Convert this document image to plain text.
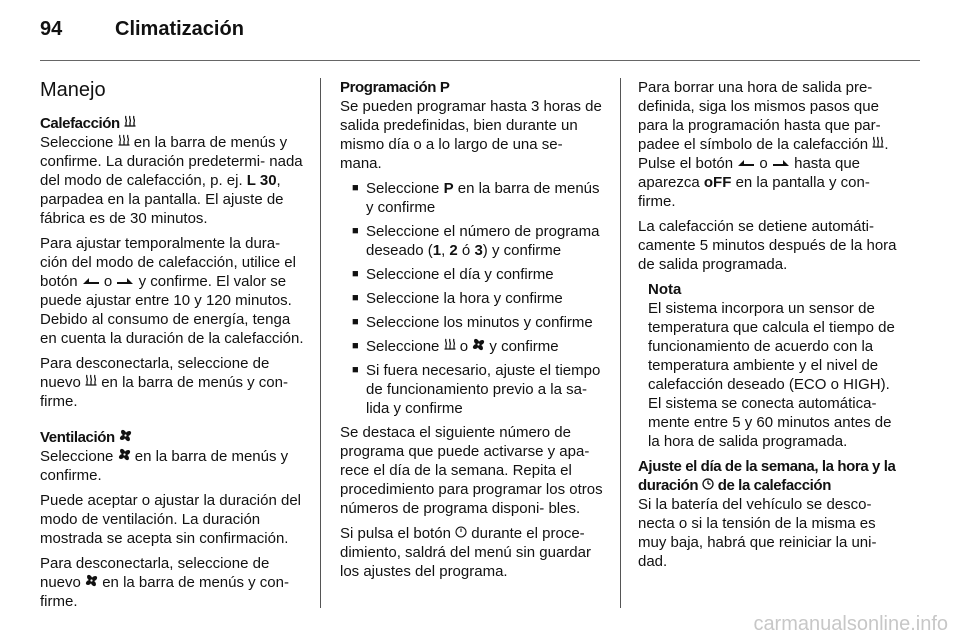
94	Climatización
Manejo
Calefacción

Seleccione en la barra de menús y confirme. La duración predetermi- nada del modo de calefacción, p. ej. L 30, parpadea en la pantalla. El ajuste de fábrica es de 30 minutos.

Para ajustar temporalmente la dura- ción del modo de calefacción, utilice el botón o y confirme. El valor se puede ajustar entre 10 y 120 minutos. Debido al consumo de energía, tenga en cuenta la duración de la calefacción.

Para desconectarla, seleccione de nuevo en la barra de menús y con- firme.

Ventilación

Seleccione en la barra de menús y confirme.

Puede aceptar o ajustar la duración del modo de ventilación. La duración mostrada se acepta sin confirmación.

Para desconectarla, seleccione de nuevo en la barra de menús y con- firme.

Programación P

Se pueden programar hasta 3 horas de salida predefinidas, bien durante un mismo día o a lo largo de una se- mana.

■ Seleccione P en la barra de menús y confirme
■ Seleccione el número de programa deseado (1, 2 ó 3) y confirme
■ Seleccione el día y confirme
■ Seleccione la hora y confirme
■ Seleccione los minutos y confirme
■ Seleccione o y confirme
■ Si fuera necesario, ajuste el tiempo de funcionamiento previo a la sa- lida y confirme

Se destaca el siguiente número de programa que puede activarse y apa- rece el día de la semana. Repita el procedimiento para programar los otros números de programa disponi- bles.

Si pulsa el botón durante el proce- dimiento, saldrá del menú sin guardar los ajustes del programa.

Para borrar una hora de salida pre- definida, siga los mismos pasos que para la programación hasta que par- padee el símbolo de la calefacción . Pulse el botón o hasta que aparezca oFF en la pantalla y con- firme.

La calefacción se detiene automáti- camente 5 minutos después de la hora de salida programada.

Nota
El sistema incorpora un sensor de temperatura que calcula el tiempo de funcionamiento de acuerdo con la temperatura ambiente y el nivel de calefacción deseado (ECO o HIGH). El sistema se conecta automática- mente entre 5 y 60 minutos antes de la hora de salida programada.
Ajuste el día de la semana, la hora y la duración de la calefacción

Si la batería del vehículo se desco- necta o si la tensión de la misma es muy baja, habrá que reiniciar la uni- dad.

carmanualsonline.info
